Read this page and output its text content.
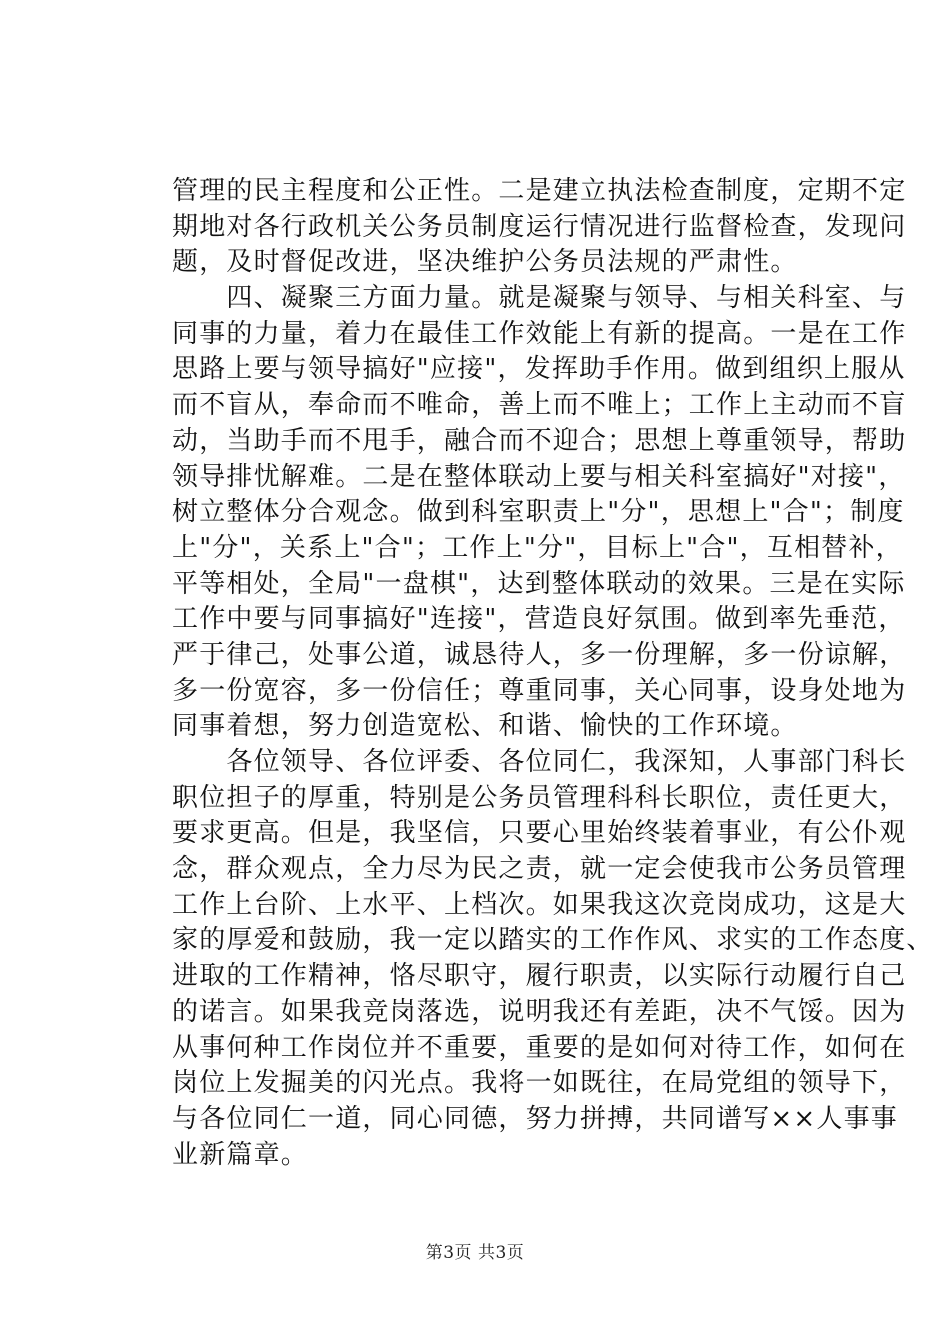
管理的民主程度和公正性。二是建立执法检查制度，定期不定
期地对各行政机关公务员制度运行情况进行监督检查，发现问
题，及时督促改进，坚决维护公务员法规的严肃性。
　　四、凝聚三方面力量。就是凝聚与领导、与相关科室、与
同事的力量，着力在最佳工作效能上有新的提高。一是在工作
思路上要与领导搞好"应接"，发挥助手作用。做到组织上服从
而不盲从，奉命而不唯命，善上而不唯上；工作上主动而不盲
动，当助手而不甩手，融合而不迎合；思想上尊重领导，帮助
领导排忧解难。二是在整体联动上要与相关科室搞好"对接"，
树立整体分合观念。做到科室职责上"分"，思想上"合"；制度
上"分"，关系上"合"；工作上"分"，目标上"合"，互相替补，
平等相处，全局"一盘棋"，达到整体联动的效果。三是在实际
工作中要与同事搞好"连接"，营造良好氛围。做到率先垂范，
严于律己，处事公道，诚恳待人，多一份理解，多一份谅解，
多一份宽容，多一份信任；尊重同事，关心同事，设身处地为
同事着想，努力创造宽松、和谐、愉快的工作环境。
　　各位领导、各位评委、各位同仁，我深知，人事部门科长
职位担子的厚重，特别是公务员管理科科长职位，责任更大，
要求更高。但是，我坚信，只要心里始终装着事业，有公仆观
念，群众观点，全力尽为民之责，就一定会使我市公务员管理
工作上台阶、上水平、上档次。如果我这次竞岗成功，这是大
家的厚爱和鼓励，我一定以踏实的工作作风、求实的工作态度、
进取的工作精神，恪尽职守，履行职责，以实际行动履行自己
的诺言。如果我竞岗落选，说明我还有差距，决不气馁。因为
从事何种工作岗位并不重要，重要的是如何对待工作，如何在
岗位上发掘美的闪光点。我将一如既往，在局党组的领导下，
与各位同仁一道，同心同德，努力拼搏，共同谱写××人事事
业新篇章。
第3页 共3页
